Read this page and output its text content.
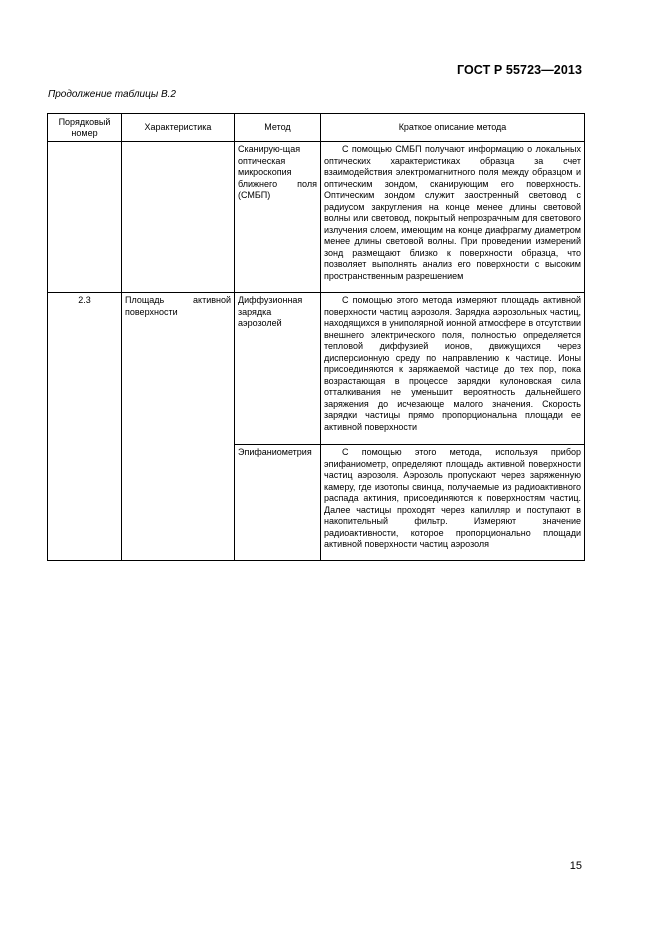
ГОСТ Р 55723—2013
Продолжение таблицы В.2
Порядковый номер	Характеристика	Метод	Краткое описание метода
		Сканирую-щая оптическая микроскопия ближнего поля (СМБП)	С помощью СМБП получают информацию о локальных оптических характеристиках образца за счет взаимодействия электромагнитного поля между образцом и оптическим зондом, сканирующим его поверхность. Оптическим зондом служит заостренный световод с радиусом закругления на конце менее длины световой волны или световод, покрытый непрозрачным для светового излучения слоем, имеющим на конце диафрагму диаметром менее длины световой волны. При проведении измерений зонд размещают близко к поверхности образца, что позволяет выполнять анализ его поверхности с высоким пространственным разрешением
2.3	Площадь активной поверхности	Диффузионная зарядка аэрозолей	С помощью этого метода измеряют площадь активной поверхности частиц аэрозоля. Зарядка аэрозольных частиц, находящихся в униполярной ионной атмосфере в отсутствии внешнего электрического поля, полностью определяется тепловой диффузией ионов, движущихся через дисперсионную среду по направлению к частице. Ионы присоединяются к заряжаемой частице до тех пор, пока возрастающая в процессе зарядки кулоновская сила отталкивания не уменьшит вероятность дальнейшего заряжения до исчезающе малого значения. Скорость зарядки частицы прямо пропорциональна площади ее активной поверхности
		Эпифаниометрия	С помощью этого метода, используя прибор эпифаниометр, определяют площадь активной поверхности частиц аэрозоля. Аэрозоль пропускают через заряженную камеру, где изотопы свинца, получаемые из радиоактивного распада актиния, присоединяются к поверхностям частиц. Далее частицы проходят через капилляр и поступают в накопительный фильтр. Измеряют значение радиоактивности, которое пропорционально площади активной поверхности частиц аэрозоля
15
